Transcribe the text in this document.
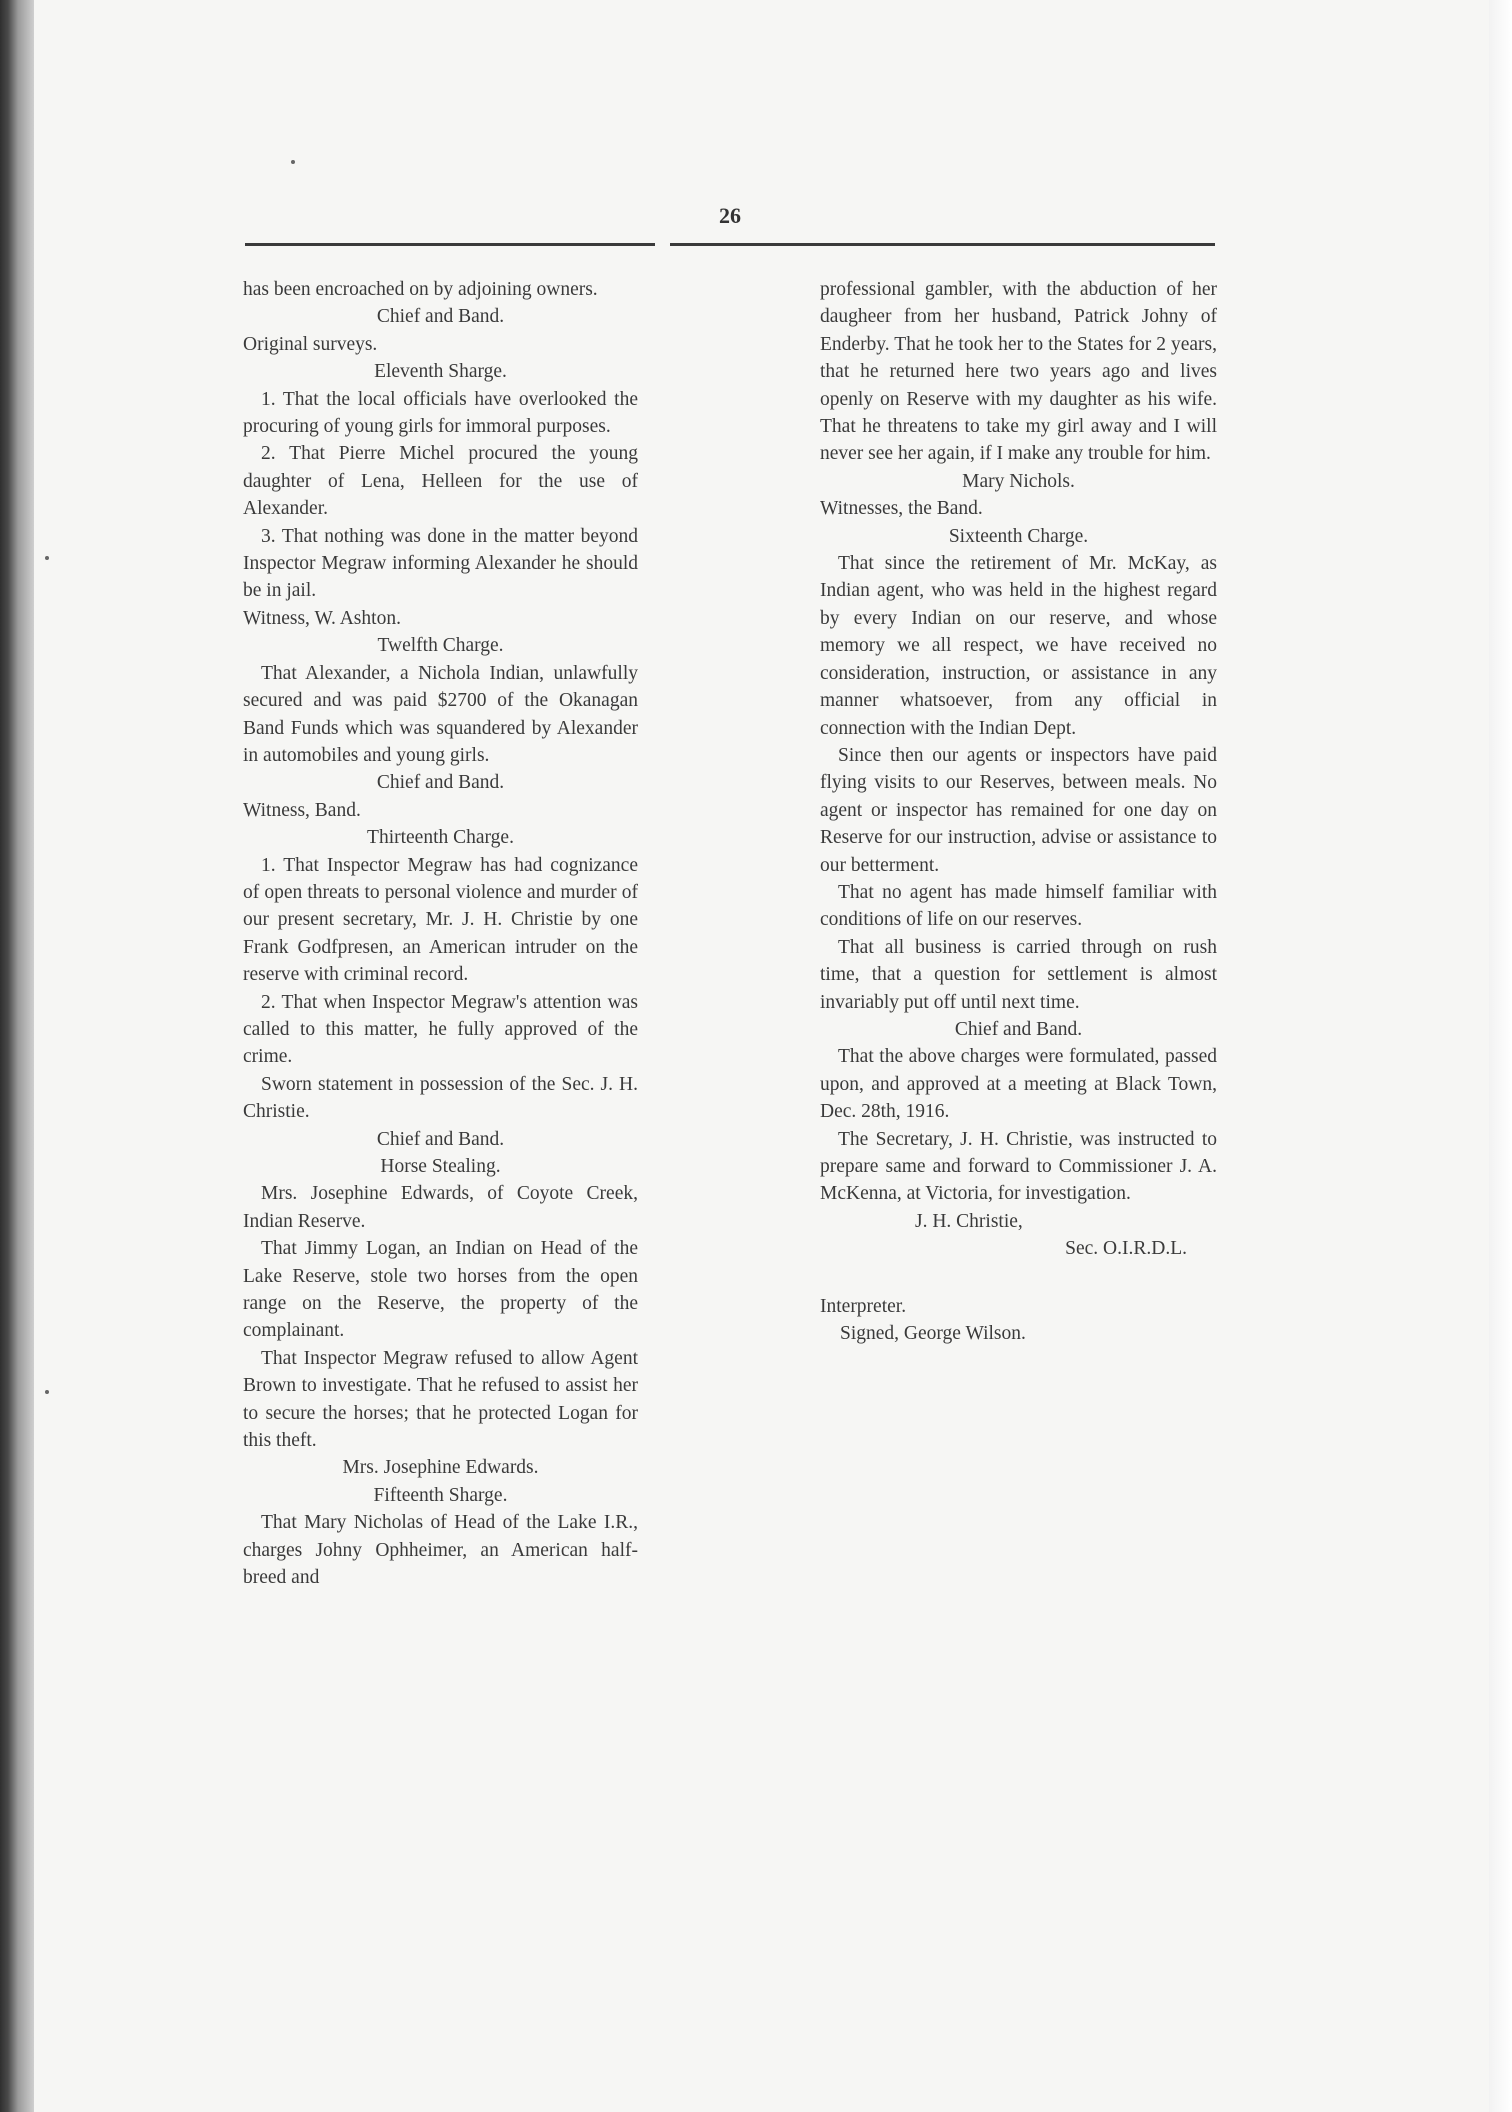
26

has been encroached on by adjoining owners.

Chief and Band.

Original surveys.

Eleventh Sharge.

1. That the local officials have overlooked the procuring of young girls for immoral purposes.

2. That Pierre Michel procured the young daughter of Lena, Helleen for the use of Alexander.

3. That nothing was done in the matter beyond Inspector Megraw informing Alexander he should be in jail.

Witness, W. Ashton.

Twelfth Charge.

That Alexander, a Nichola Indian, unlawfully secured and was paid $2700 of the Okanagan Band Funds which was squandered by Alexander in automobiles and young girls.

Chief and Band.

Witness, Band.

Thirteenth Charge.

1. That Inspector Megraw has had cognizance of open threats to personal violence and murder of our present secretary, Mr. J. H. Christie by one Frank Godfpresen, an American intruder on the reserve with criminal record.

2. That when Inspector Megraw's attention was called to this matter, he fully approved of the crime.

Sworn statement in possession of the Sec. J. H. Christie.

Chief and Band.

Horse Stealing.

Mrs. Josephine Edwards, of Coyote Creek, Indian Reserve.

That Jimmy Logan, an Indian on Head of the Lake Reserve, stole two horses from the open range on the Reserve, the property of the complainant.

That Inspector Megraw refused to allow Agent Brown to investigate. That he refused to assist her to secure the horses; that he protected Logan for this theft.

Mrs. Josephine Edwards.

Fifteenth Sharge.

That Mary Nicholas of Head of the Lake I.R., charges Johny Ophheimer, an American half-breed and

professional gambler, with the abduction of her daugheer from her husband, Patrick Johny of Enderby. That he took her to the States for 2 years, that he returned here two years ago and lives openly on Reserve with my daughter as his wife. That he threatens to take my girl away and I will never see her again, if I make any trouble for him.

Mary Nichols.

Witnesses, the Band.

Sixteenth Charge.

That since the retirement of Mr. McKay, as Indian agent, who was held in the highest regard by every Indian on our reserve, and whose memory we all respect, we have received no consideration, instruction, or assistance in any manner whatsoever, from any official in connection with the Indian Dept.

Since then our agents or inspectors have paid flying visits to our Reserves, between meals. No agent or inspector has remained for one day on Reserve for our instruction, advise or assistance to our betterment.

That no agent has made himself familiar with conditions of life on our reserves.

That all business is carried through on rush time, that a question for settlement is almost invariably put off until next time.

Chief and Band.

That the above charges were formulated, passed upon, and approved at a meeting at Black Town, Dec. 28th, 1916.

The Secretary, J. H. Christie, was instructed to prepare same and forward to Commissioner J. A. McKenna, at Victoria, for investigation.

J. H. Christie,

Sec. O.I.R.D.L.

Interpreter.

Signed, George Wilson.
